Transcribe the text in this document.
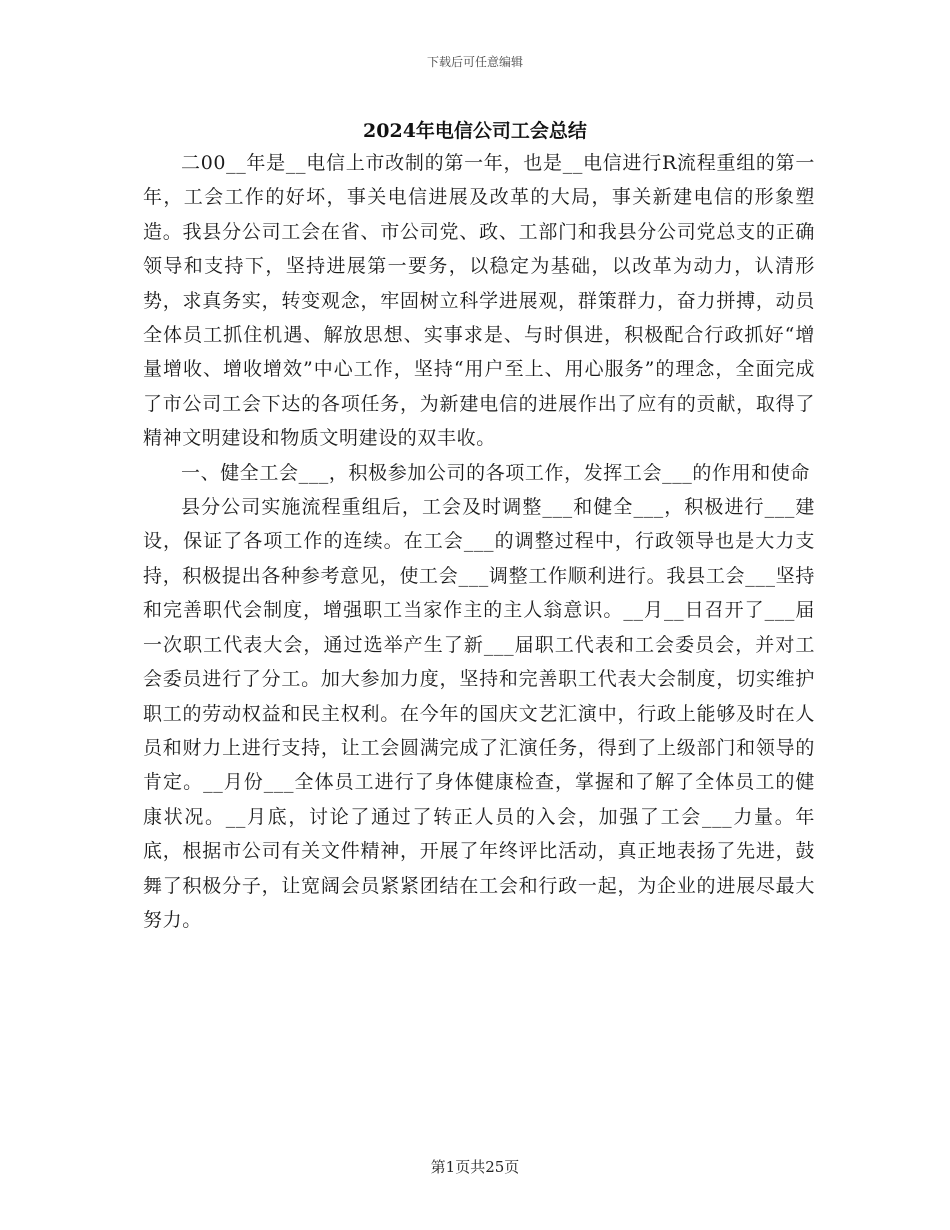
下载后可任意编辑
2024年电信公司工会总结

二00__年是__电信上市改制的第一年，也是__电信进行R流程重组的第一年，工会工作的好坏，事关电信进展及改革的大局，事关新建电信的形象塑造。我县分公司工会在省、市公司党、政、工部门和我县分公司党总支的正确领导和支持下，坚持进展第一要务，以稳定为基础，以改革为动力，认清形势，求真务实，转变观念，牢固树立科学进展观，群策群力，奋力拼搏，动员全体员工抓住机遇、解放思想、实事求是、与时俱进，积极配合行政抓好“增量增收、增收增效”中心工作，坚持“用户至上、用心服务”的理念，全面完成了市公司工会下达的各项任务，为新建电信的进展作出了应有的贡献，取得了精神文明建设和物质文明建设的双丰收。

一、健全工会___，积极参加公司的各项工作，发挥工会___的作用和使命

县分公司实施流程重组后，工会及时调整___和健全___，积极进行___建设，保证了各项工作的连续。在工会___的调整过程中，行政领导也是大力支持，积极提出各种参考意见，使工会___调整工作顺利进行。我县工会___坚持和完善职代会制度，增强职工当家作主的主人翁意识。__月__日召开了___届一次职工代表大会，通过选举产生了新___届职工代表和工会委员会，并对工会委员进行了分工。加大参加力度，坚持和完善职工代表大会制度，切实维护职工的劳动权益和民主权利。在今年的国庆文艺汇演中，行政上能够及时在人员和财力上进行支持，让工会圆满完成了汇演任务，得到了上级部门和领导的肯定。__月份___全体员工进行了身体健康检查，掌握和了解了全体员工的健康状况。__月底，讨论了通过了转正人员的入会，加强了工会___力量。年底，根据市公司有关文件精神，开展了年终评比活动，真正地表扬了先进，鼓舞了积极分子，让宽阔会员紧紧团结在工会和行政一起，为企业的进展尽最大努力。

第1页共25页
